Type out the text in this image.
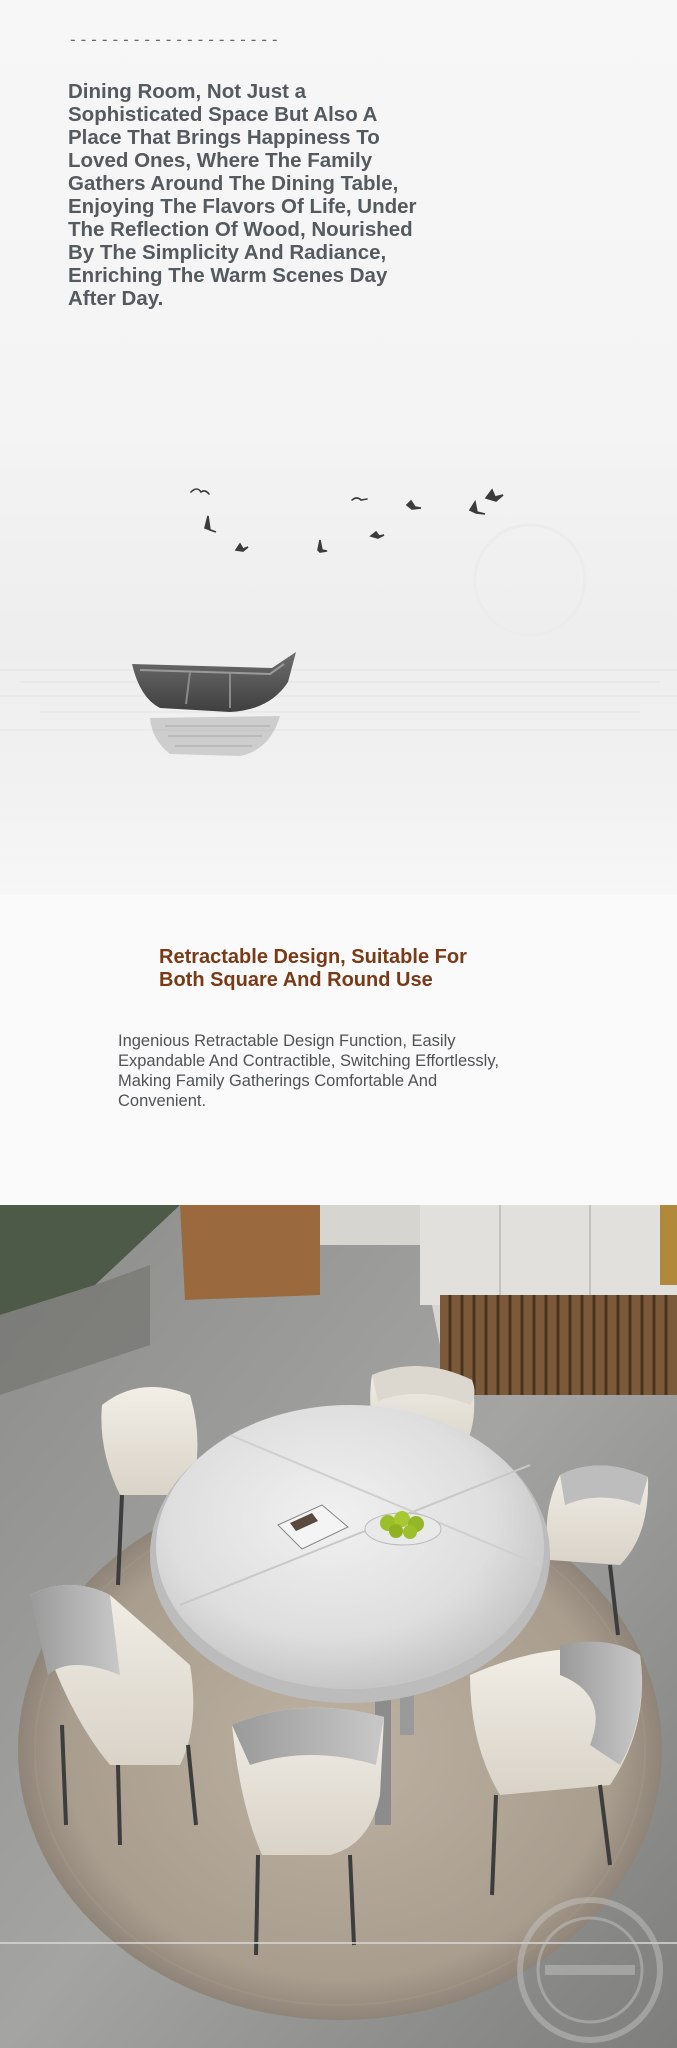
--------------------

Dining Room, Not Just a
Sophisticated Space But Also A
Place That Brings Happiness To
Loved Ones, Where The Family
Gathers Around The Dining Table,
Enjoying The Flavors Of Life, Under
The Reflection Of Wood, Nourished
By The Simplicity And Radiance,
Enriching The Warm Scenes Day
After Day.

Retractable Design, Suitable For
Both Square And Round Use

Ingenious Retractable Design Function, Easily
Expandable And Contractible, Switching Effortlessly,
Making Family Gatherings Comfortable And
Convenient.
